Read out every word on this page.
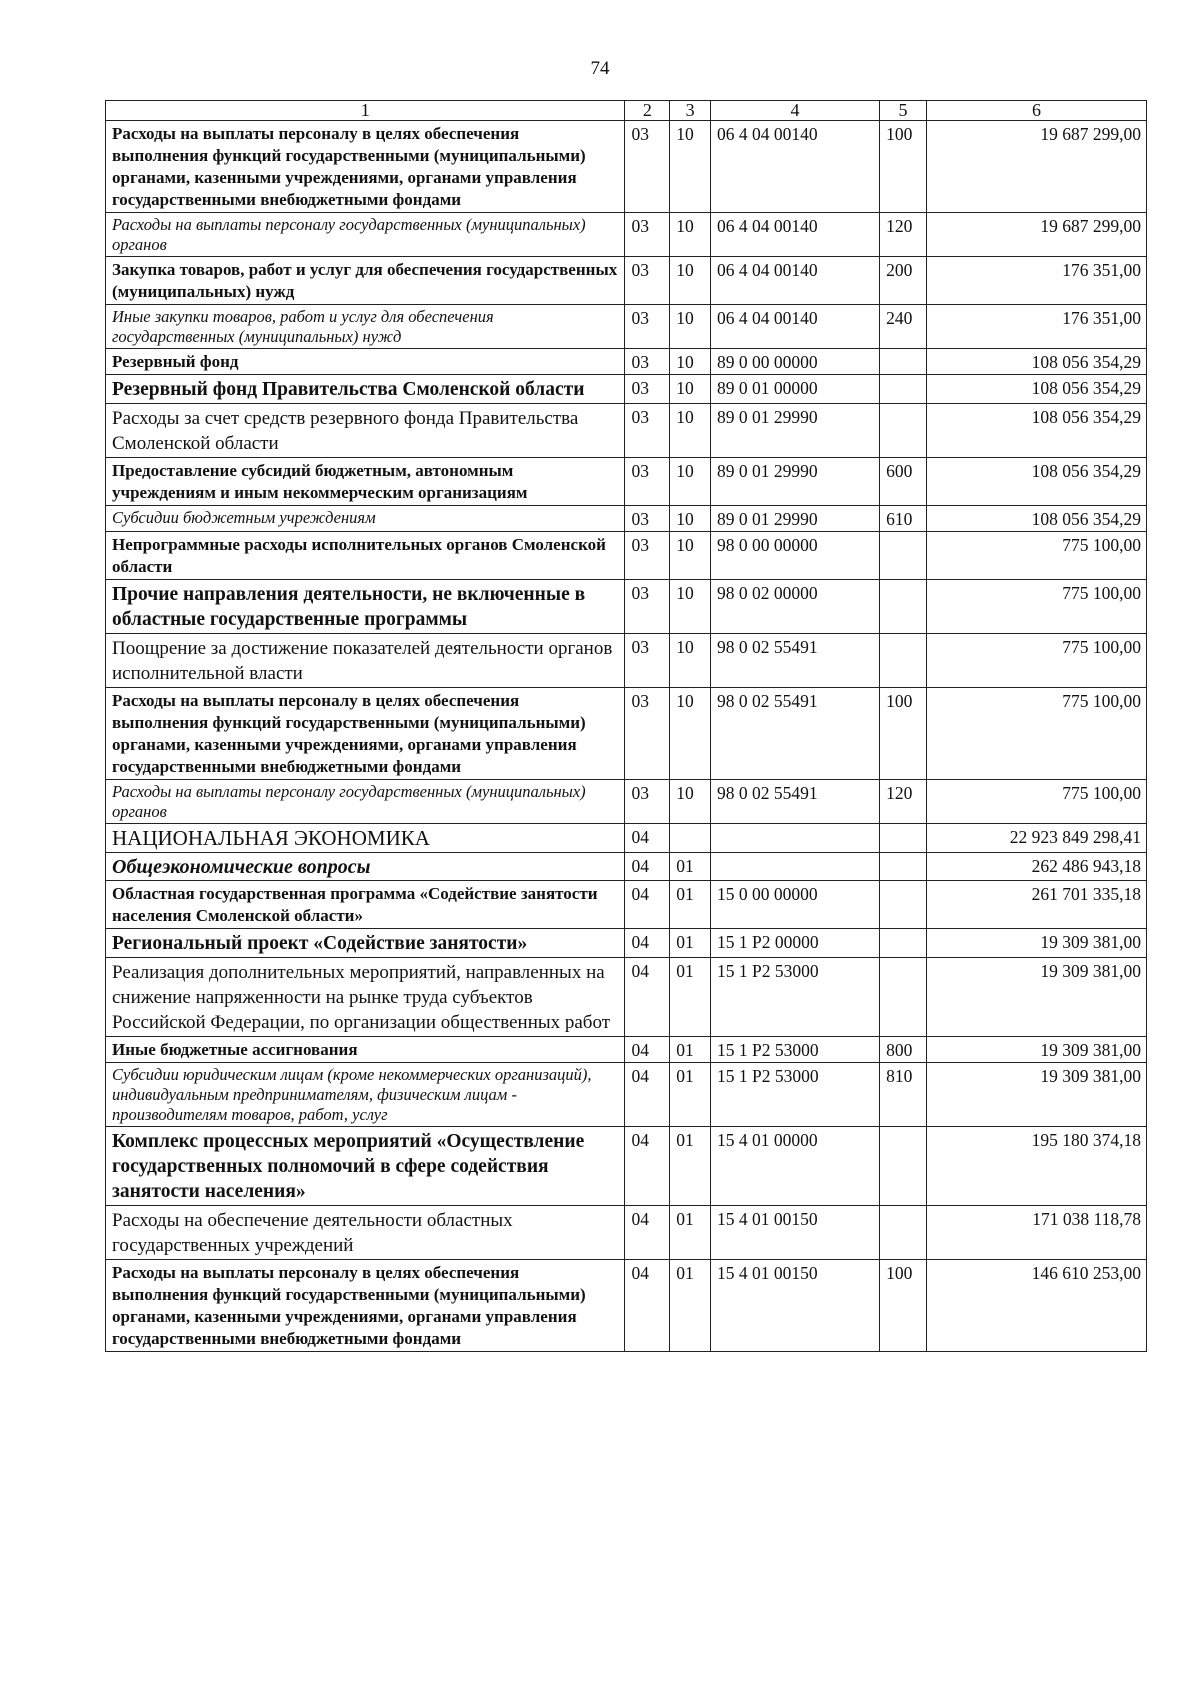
74
1	2	3	4	5	6
Расходы на выплаты персоналу в целях обеспечения выполнения функций государственными (муниципальными) органами, казенными учреждениями, органами управления государственными внебюджетными фондами	03	10	06 4 04 00140	100	19 687 299,00
Расходы на выплаты персоналу государственных (муниципальных) органов	03	10	06 4 04 00140	120	19 687 299,00
Закупка товаров, работ и услуг для обеспечения государственных (муниципальных) нужд	03	10	06 4 04 00140	200	176 351,00
Иные закупки товаров, работ и услуг для обеспечения государственных (муниципальных) нужд	03	10	06 4 04 00140	240	176 351,00
Резервный фонд	03	10	89 0 00 00000		108 056 354,29
Резервный фонд Правительства Смоленской области	03	10	89 0 01 00000		108 056 354,29
Расходы за счет средств резервного фонда Правительства Смоленской области	03	10	89 0 01 29990		108 056 354,29
Предоставление субсидий бюджетным, автономным учреждениям и иным некоммерческим организациям	03	10	89 0 01 29990	600	108 056 354,29
Субсидии бюджетным учреждениям	03	10	89 0 01 29990	610	108 056 354,29
Непрограммные расходы исполнительных органов Смоленской области	03	10	98 0 00 00000		775 100,00
Прочие направления деятельности, не включенные в областные государственные программы	03	10	98 0 02 00000		775 100,00
Поощрение за достижение показателей деятельности органов исполнительной власти	03	10	98 0 02 55491		775 100,00
Расходы на выплаты персоналу в целях обеспечения выполнения функций государственными (муниципальными) органами, казенными учреждениями, органами управления государственными внебюджетными фондами	03	10	98 0 02 55491	100	775 100,00
Расходы на выплаты персоналу государственных (муниципальных) органов	03	10	98 0 02 55491	120	775 100,00
НАЦИОНАЛЬНАЯ ЭКОНОМИКА	04				22 923 849 298,41
Общеэкономические вопросы	04	01			262 486 943,18
Областная государственная программа «Содействие занятости населения Смоленской области»	04	01	15 0 00 00000		261 701 335,18
Региональный проект «Содействие занятости»	04	01	15 1 Р2 00000		19 309 381,00
Реализация дополнительных мероприятий, направленных на снижение напряженности на рынке труда субъектов Российской Федерации, по организации общественных работ	04	01	15 1 Р2 53000		19 309 381,00
Иные бюджетные ассигнования	04	01	15 1 Р2 53000	800	19 309 381,00
Субсидии юридическим лицам (кроме некоммерческих организаций), индивидуальным предпринимателям, физическим лицам - производителям товаров, работ, услуг	04	01	15 1 Р2 53000	810	19 309 381,00
Комплекс процессных мероприятий «Осуществление государственных полномочий в сфере содействия занятости населения»	04	01	15 4 01 00000		195 180 374,18
Расходы на обеспечение деятельности областных государственных учреждений	04	01	15 4 01 00150		171 038 118,78
Расходы на выплаты персоналу в целях обеспечения выполнения функций государственными (муниципальными) органами, казенными учреждениями, органами управления государственными внебюджетными фондами	04	01	15 4 01 00150	100	146 610 253,00
